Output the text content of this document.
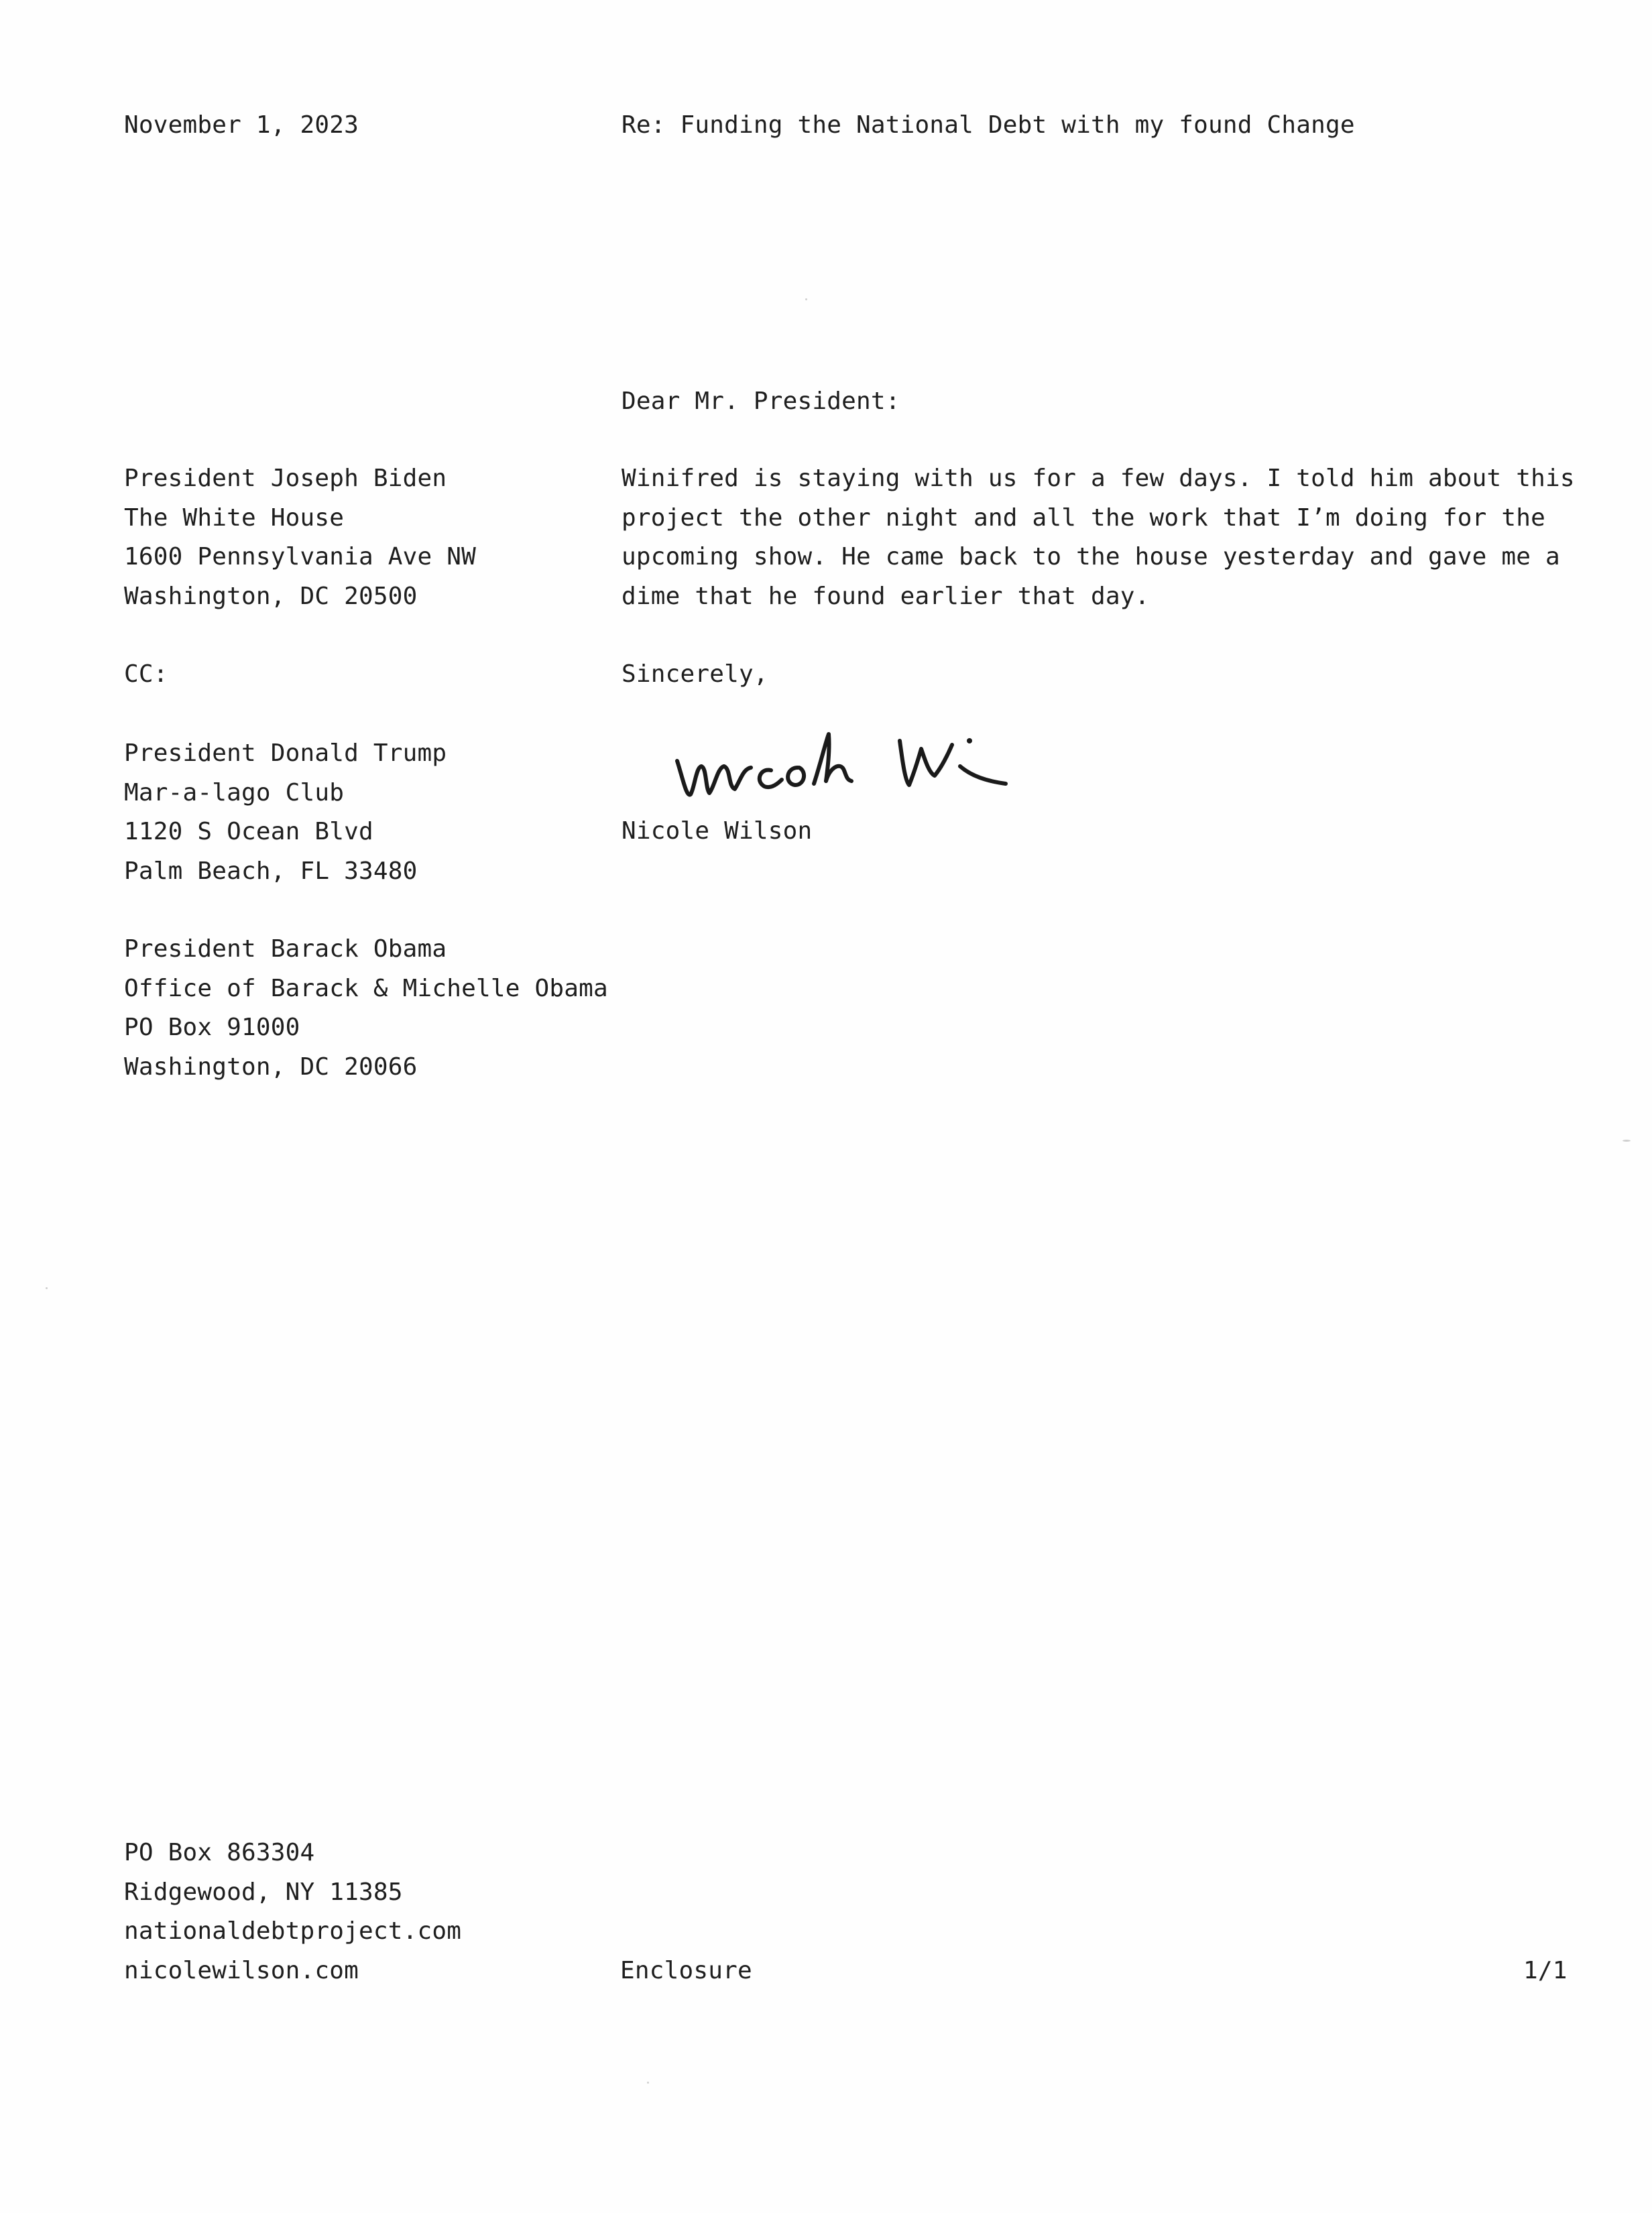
November 1, 2023	Re: Funding the National Debt with my found Change
Dear Mr. President:
President Joseph Biden
The White House
1600 Pennsylvania Ave NW
Washington, DC 20500
Winifred is staying with us for a few days. I told him about this
project the other night and all the work that I’m doing for the
upcoming show. He came back to the house yesterday and gave me a
dime that he found earlier that day.
CC:	Sincerely,
Nicole Wilson
President Donald Trump
Mar-a-lago Club
1120 S Ocean Blvd
Palm Beach, FL 33480
President Barack Obama
Office of Barack & Michelle Obama
PO Box 91000
Washington, DC 20066
PO Box 863304
Ridgewood, NY 11385
nationaldebtproject.com
nicolewilson.com	Enclosure	1/1
